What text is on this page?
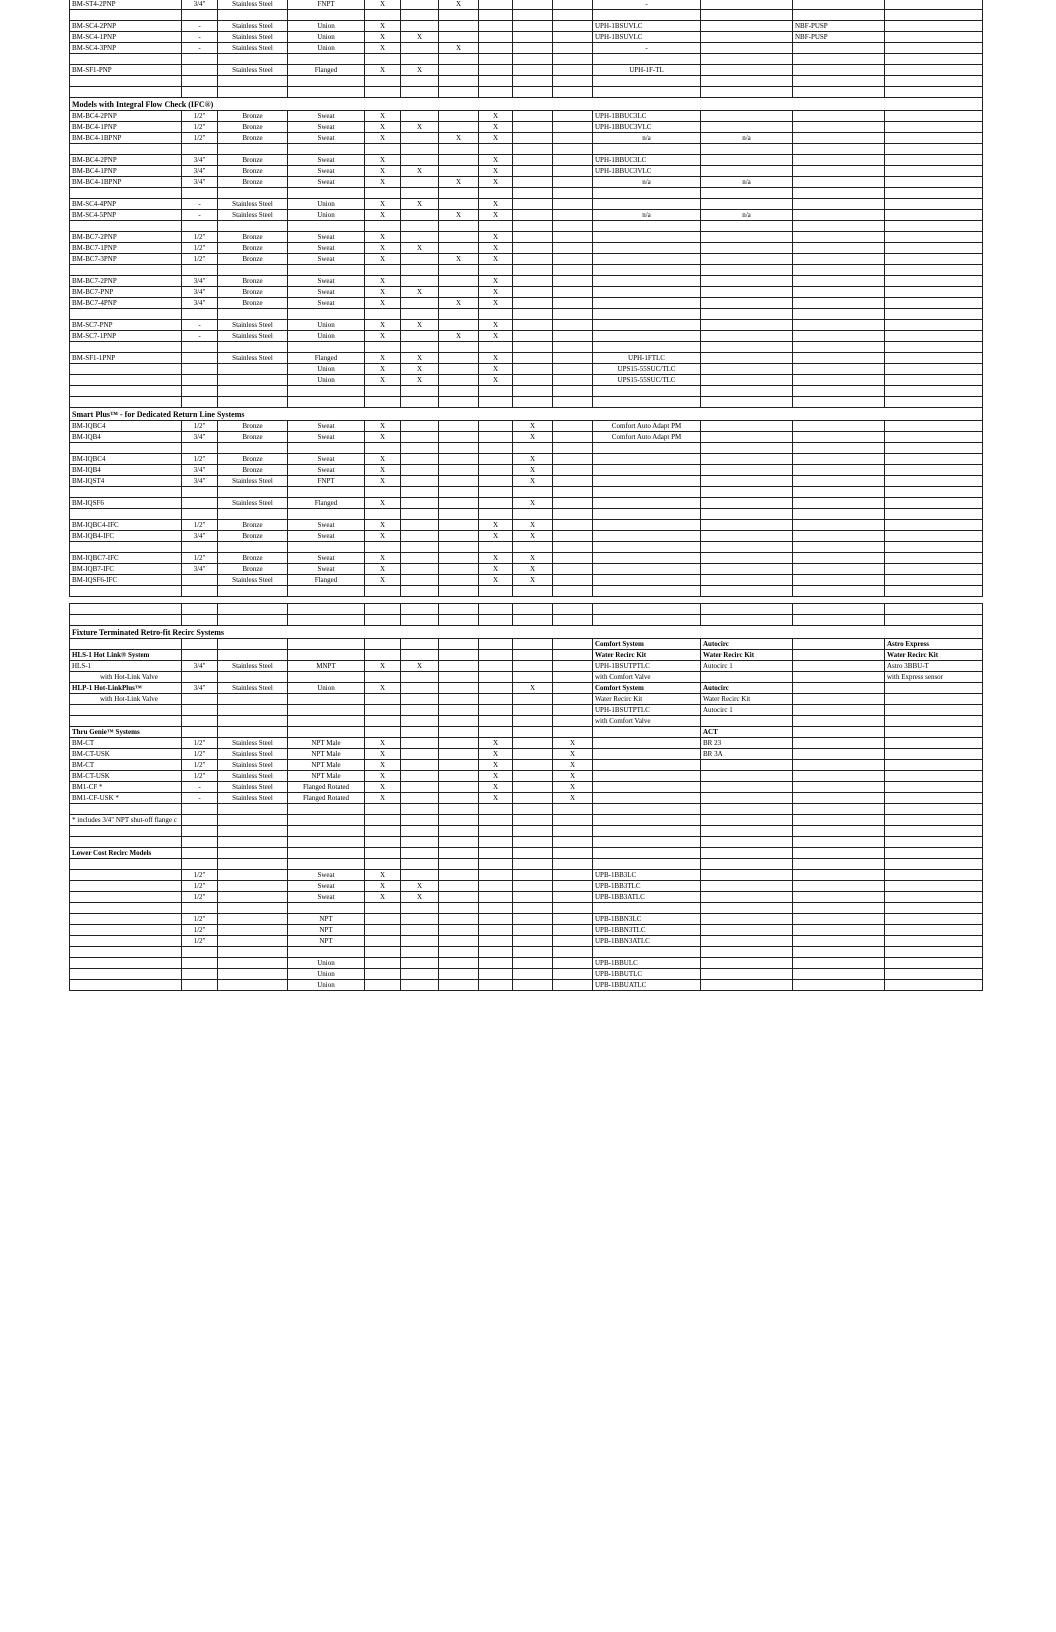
BM-ST4-2PNP	3/4"	Stainless Steel	FNPT	X		X				-			

BM-SC4-2PNP	-	Stainless Steel	Union	X						UPH-1BSUVLC		NBF-PUSP	
BM-SC4-1PNP	-	Stainless Steel	Union	X	X					UPH-1BSUVLC		NBF-PUSP	
BM-SC4-3PNP	-	Stainless Steel	Union	X		X				-			

BM-SF1-PNP		Stainless Steel	Flanged	X	X					UPH-1F-TL			

Models with Integral Flow Check (IFC®)													
BM-BC4-2PNP	1/2"	Bronze	Sweat	X			X			UPH-1BBUC3LC			
BM-BC4-1PNP	1/2"	Bronze	Sweat	X	X		X			UPH-1BBUC3VLC			
BM-BC4-1BPNP	1/2"	Bronze	Sweat	X		X	X			n/a	n/a		

BM-BC4-2PNP	3/4"	Bronze	Sweat	X			X			UPH-1BBUC3LC			
BM-BC4-1PNP	3/4"	Bronze	Sweat	X	X		X			UPH-1BBUC3VLC			
BM-BC4-1BPNP	3/4"	Bronze	Sweat	X		X	X			n/a	n/a		

BM-SC4-4PNP	-	Stainless Steel	Union	X	X		X						
BM-SC4-5PNP	-	Stainless Steel	Union	X		X	X			n/a	n/a		

BM-BC7-2PNP	1/2"	Bronze	Sweat	X			X						
BM-BC7-1PNP	1/2"	Bronze	Sweat	X	X		X						
BM-BC7-3PNP	1/2"	Bronze	Sweat	X		X	X						

BM-BC7-2PNP	3/4"	Bronze	Sweat	X			X						
BM-BC7-PNP	3/4"	Bronze	Sweat	X	X		X						
BM-BC7-4PNP	3/4"	Bronze	Sweat	X		X	X						

BM-SC7-PNP	-	Stainless Steel	Union	X	X		X						
BM-SC7-1PNP	-	Stainless Steel	Union	X		X	X						

BM-SF1-1PNP		Stainless Steel	Flanged	X	X		X			UPH-1FTLC			
			Union	X	X		X			UPS15-55SUC/TLC			
			Union	X	X		X			UPS15-55SUC/TLC			

Smart Plus™ - for Dedicated Return Line Systems													
BM-IQBC4	1/2"	Bronze	Sweat	X				X		Comfort Auto Adapt PM			
BM-IQB4	3/4"	Bronze	Sweat	X				X		Comfort Auto Adapt PM			

BM-IQBC4	1/2"	Bronze	Sweat	X				X					
BM-IQB4	3/4"	Bronze	Sweat	X				X					
BM-IQST4	3/4"	Stainless Steel	FNPT	X				X					

BM-IQSF6		Stainless Steel	Flanged	X				X					

BM-IQBC4-IFC	1/2"	Bronze	Sweat	X			X	X					
BM-IQB4-IFC	3/4"	Bronze	Sweat	X			X	X					

BM-IQBC7-IFC	1/2"	Bronze	Sweat	X			X	X					
BM-IQB7-IFC	3/4"	Bronze	Sweat	X			X	X					
BM-IQSF6-IFC		Stainless Steel	Flanged	X			X	X					

Fixture Terminated Retro-fit Recirc Systems													
										Comfort System	Autocirc		Astro Express
HLS-1 Hot Link® System										Water Recirc Kit	Water Recirc Kit		Water Recirc Kit
HLS-1	3/4"	Stainless Steel	MNPT	X	X					UPH-1BSUTPTLC	Autocirc 1		Astro 3BBU-T
with Hot-Link Valve										with Comfort Valve			with Express sensor
HLP-1 Hot-LinkPlus™	3/4"	Stainless Steel	Union	X				X		Comfort System	Autocirc		
with Hot-Link Valve										Water Recirc Kit	Water Recirc Kit		
										UPH-1BSUTPTLC	Autocirc 1		
										with Comfort Valve			
Thru Genie™ Systems											ACT		
BM-CT	1/2"	Stainless Steel	NPT Male	X			X		X		BR 23		
BM-CT-USK	1/2"	Stainless Steel	NPT Male	X			X		X		BR 3A		
BM-CT	1/2"	Stainless Steel	NPT Male	X			X		X				
BM-CT-USK	1/2"	Stainless Steel	NPT Male	X			X		X				
BM1-CF *	-	Stainless Steel	Flanged Rotated	X			X		X				
BM1-CF-USK *	-	Stainless Steel	Flanged Rotated	X			X		X				

* includes 3/4" NPT shut-off flange c													

Lower Cost Recirc Models													

	1/2"		Sweat	X						UPB-1BB3LC			
	1/2"		Sweat	X	X					UPB-1BB3TLC			
	1/2"		Sweat	X	X					UPB-1BB3ATLC			

	1/2"		NPT							UPB-1BBN3LC			
	1/2"		NPT							UPB-1BBN3TLC			
	1/2"		NPT							UPB-1BBN3ATLC			

			Union							UPB-1BBULC			
			Union							UPB-1BBUTLC			
			Union							UPB-1BBUATLC			
